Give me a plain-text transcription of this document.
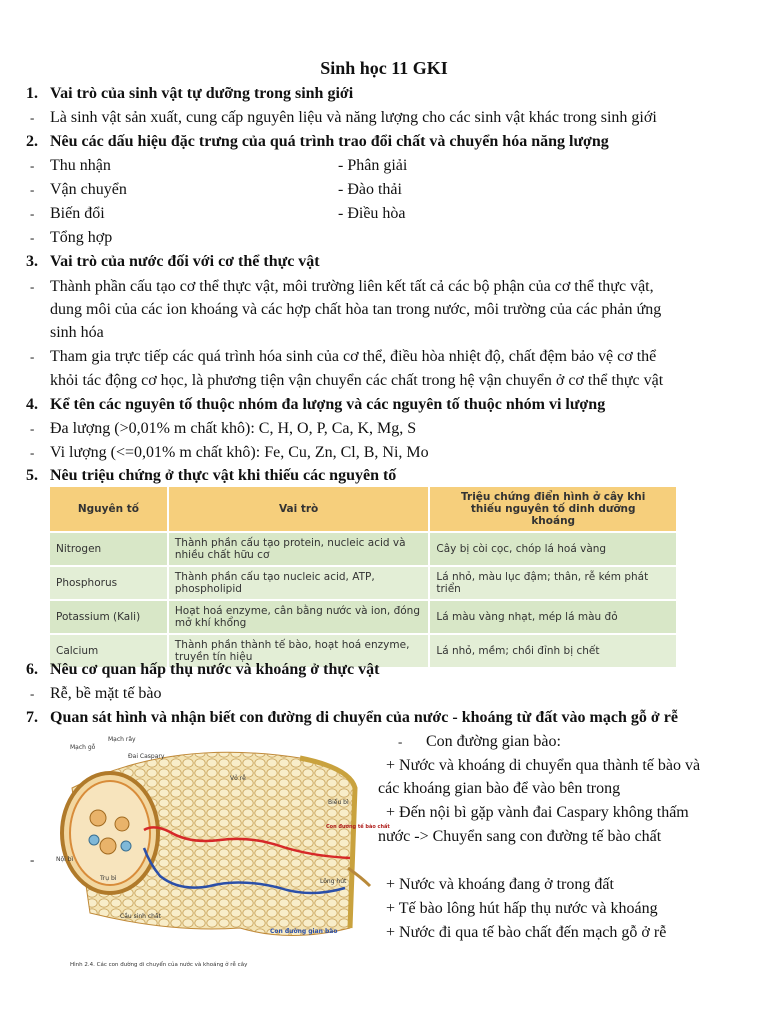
Sinh học 11 GKI
1. Vai trò của sinh vật tự dưỡng trong sinh giới
- Là sinh vật sản xuất, cung cấp nguyên liệu và năng lượng cho các sinh vật khác trong sinh giới
2. Nêu các dấu hiệu đặc trưng của quá trình trao đổi chất và chuyển hóa năng lượng
- Thu nhận	- Phân giải
- Vận chuyển	- Đào thải
- Biến đổi	- Điều hòa
- Tổng hợp
3. Vai trò của nước đối với cơ thể thực vật
- Thành phần cấu tạo cơ thể thực vật, môi trường liên kết tất cả các bộ phận của cơ thể thực vật,
dung môi của các ion khoáng và các hợp chất hòa tan trong nước, môi trường của các phản ứng
sinh hóa
- Tham gia trực tiếp các quá trình hóa sinh của cơ thể, điều hòa nhiệt độ, chất đệm bảo vệ cơ thể
khỏi tác động cơ học, là phương tiện vận chuyển các chất trong hệ vận chuyển ở cơ thể thực vật
4. Kể tên các nguyên tố thuộc nhóm đa lượng và các nguyên tố thuộc nhóm vi lượng
- Đa lượng (>0,01% m chất khô): C, H, O, P, Ca, K, Mg, S
- Vi lượng (<=0,01% m chất khô): Fe, Cu, Zn, Cl, B, Ni, Mo
5. Nêu triệu chứng ở thực vật khi thiếu các nguyên tố
Nguyên tố	Vai trò	Triệu chứng điển hình ở cây khi thiếu nguyên tố dinh dưỡng khoáng
Nitrogen	Thành phần cấu tạo protein, nucleic acid và nhiều chất hữu cơ	Cây bị còi cọc, chóp lá hoá vàng
Phosphorus	Thành phần cấu tạo nucleic acid, ATP, phospholipid	Lá nhỏ, màu lục đậm; thân, rễ kém phát triển
Potassium (Kali)	Hoạt hoá enzyme, cân bằng nước và ion, đóng mở khí khổng	Lá màu vàng nhạt, mép lá màu đỏ
Calcium	Thành phần thành tế bào, hoạt hoá enzyme, truyền tín hiệu	Lá nhỏ, mềm; chồi đỉnh bị chết
6. Nêu cơ quan hấp thụ nước và khoáng ở thực vật
- Rễ, bề mặt tế bào
7. Quan sát hình và nhận biết con đường di chuyển của nước - khoáng từ đất vào mạch gỗ ở rễ
-
Mạch gỗ
Mạch rây
Đai Caspary
Vỏ rễ
Biểu bì
Con đường tế bào chất
Nội bì
Trụ bì	Lông hút
Cầu sinh chất
Con đường gian bào
Hình 2.4. Các con đường di chuyển của nước và khoáng ở rễ cây
- Con đường gian bào:
+ Nước và khoáng di chuyển qua thành tế bào và
các khoáng gian bào để vào bên trong
+ Đến nội bì gặp vành đai Caspary không thấm
nước -> Chuyển sang con đường tế bào chất
+ Nước và khoáng đang ở trong đất
+ Tế bào lông hút hấp thụ nước và khoáng
+ Nước đi qua tế bào chất đến mạch gỗ ở rễ
